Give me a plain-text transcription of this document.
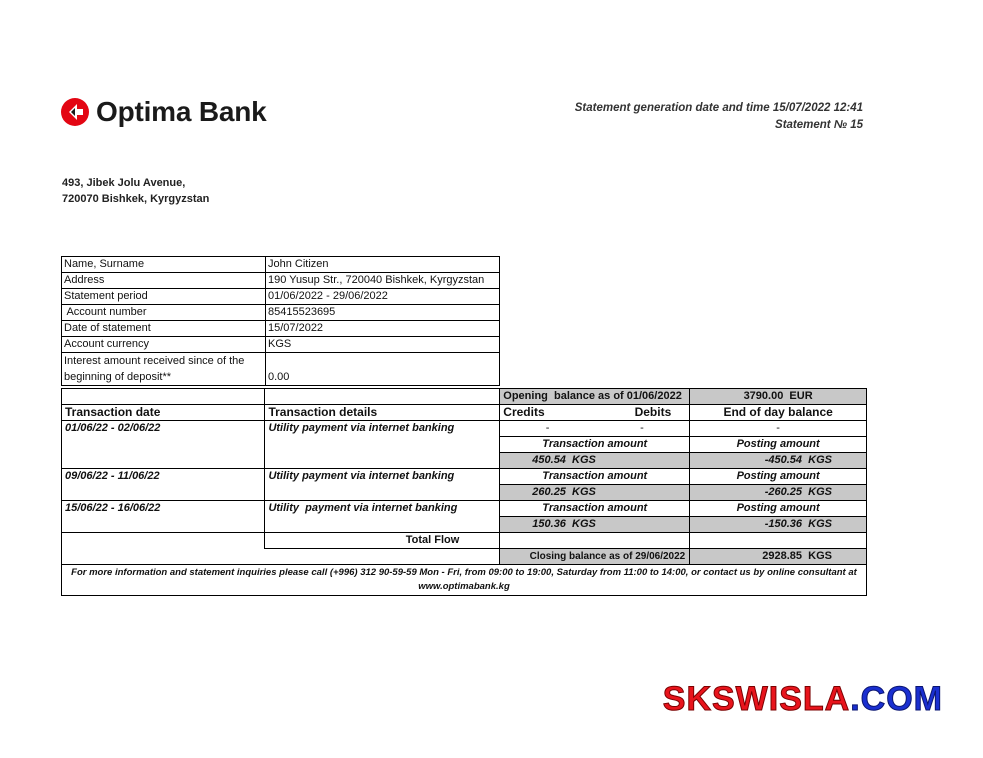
Optima Bank	Statement generation date and time 15/07/2022 12:41
Statement № 15
493, Jibek Jolu Avenue,
720070 Bishkek, Kyrgyzstan
Name, Surname	John Citizen
Address	190 Yusup Str., 720040 Bishkek, Kyrgyzstan
Statement period	01/06/2022 - 29/06/2022
Account number	85415523695
Date of statement	15/07/2022
Account currency	KGS
Interest amount received since of the beginning of deposit**	0.00
		Opening  balance as of 01/06/2022		3790.00  EUR
Transaction date	Transaction details	Credits	Debits	End of day balance
01/06/22 - 02/06/22	Utility payment via internet banking	-	-	-
		Transaction amount		Posting amount
		450.54  KGS		-450.54  KGS
09/06/22 - 11/06/22	Utility payment via internet banking	Transaction amount		Posting amount
		260.25  KGS		-260.25  KGS
15/06/22 - 16/06/22	Utility  payment via internet banking	Transaction amount		Posting amount
		150.36  KGS		-150.36  KGS
	Total Flow			
		Closing balance as of 29/06/2022		2928.85  KGS
For more information and statement inquiries please call (+996) 312 90-59-59 Mon - Fri, from 09:00 to 19:00, Saturday from 11:00 to 14:00, or contact us by online consultant at www.optimabank.kg				
SKSWISLA.COM
